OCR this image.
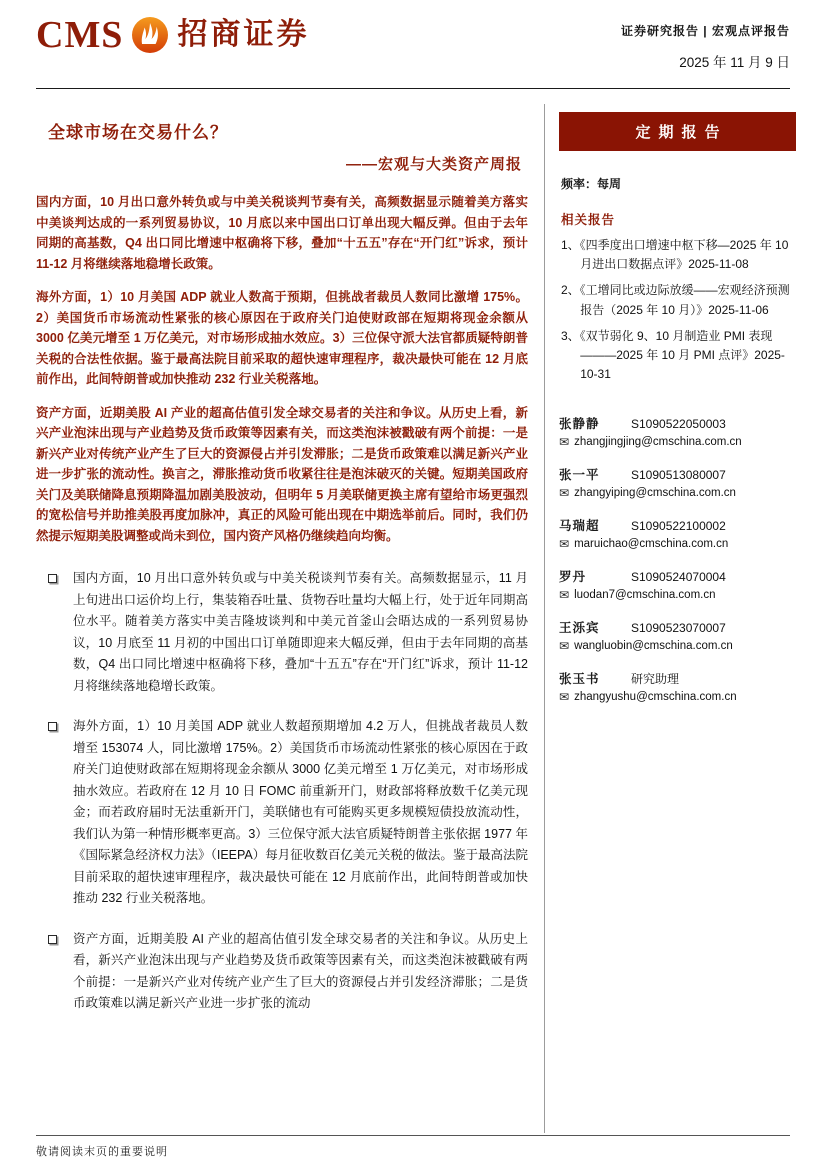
CMS 招商证券	证券研究报告 | 宏观点评报告
2025 年 11 月 9 日
全球市场在交易什么？
——宏观与大类资产周报

国内方面，10 月出口意外转负或与中美关税谈判节奏有关，高频数据显示随着美方落实中美谈判达成的一系列贸易协议，10 月底以来中国出口订单出现大幅反弹。但由于去年同期的高基数，Q4 出口同比增速中枢确将下移，叠加“十五五”存在“开门红”诉求，预计 11-12 月将继续落地稳增长政策。

海外方面，1）10 月美国 ADP 就业人数高于预期，但挑战者裁员人数同比激增 175%。2）美国货币市场流动性紧张的核心原因在于政府关门迫使财政部在短期将现金余额从 3000 亿美元增至 1 万亿美元，对市场形成抽水效应。3）三位保守派大法官都质疑特朗普关税的合法性依据。鉴于最高法院目前采取的超快速审理程序，裁决最快可能在 12 月底前作出，此间特朗普或加快推动 232 行业关税落地。

资产方面，近期美股 AI 产业的超高估值引发全球交易者的关注和争议。从历史上看，新兴产业泡沫出现与产业趋势及货币政策等因素有关，而这类泡沫被戳破有两个前提：一是新兴产业对传统产业产生了巨大的资源侵占并引发滞胀；二是货币政策难以满足新兴产业进一步扩张的流动性。换言之，滞胀推动货币收紧往往是泡沫破灭的关键。短期美国政府关门及美联储降息预期降温加剧美股波动，但明年 5 月美联储更换主席有望给市场更强烈的宽松信号并助推美股再度加脉冲，真正的风险可能出现在中期选举前后。同时，我们仍然提示短期美股调整或尚未到位，国内资产风格仍继续趋向均衡。

国内方面，10 月出口意外转负或与中美关税谈判节奏有关。高频数据显示，11 月上旬进出口运价均上行，集装箱吞吐量、货物吞吐量均大幅上行，处于近年同期高位水平。随着美方落实中美吉隆坡谈判和中美元首釜山会晤达成的一系列贸易协议，10 月底至 11 月初的中国出口订单随即迎来大幅反弹，但由于去年同期的高基数，Q4 出口同比增速中枢确将下移，叠加“十五五”存在“开门红”诉求，预计 11-12 月将继续落地稳增长政策。

海外方面，1）10 月美国 ADP 就业人数超预期增加 4.2 万人，但挑战者裁员人数增至 153074 人，同比激增 175%。2）美国货币市场流动性紧张的核心原因在于政府关门迫使财政部在短期将现金余额从 3000 亿美元增至 1 万亿美元，对市场形成抽水效应。若政府在 12 月 10 日 FOMC 前重新开门，财政部将释放数千亿美元现金；而若政府届时无法重新开门，美联储也有可能购买更多规模短债投放流动性，我们认为第一种情形概率更高。3）三位保守派大法官质疑特朗普主张依据 1977 年《国际紧急经济权力法》（IEEPA）每月征收数百亿美元关税的做法。鉴于最高法院目前采取的超快速审理程序，裁决最快可能在 12 月底前作出，此间特朗普或加快推动 232 行业关税落地。

资产方面，近期美股 AI 产业的超高估值引发全球交易者的关注和争议。从历史上看，新兴产业泡沫出现与产业趋势及货币政策等因素有关，而这类泡沫被戳破有两个前提：一是新兴产业对传统产业产生了巨大的资源侵占并引发经济滞胀；二是货币政策难以满足新兴产业进一步扩张的流动

定期报告
频率：每周
相关报告
1、《四季度出口增速中枢下移—2025 年 10 月进出口数据点评》2025-11-08
2、《工增同比或边际放缓——宏观经济预测报告（2025 年 10 月）》2025-11-06
3、《双节弱化 9、10 月制造业 PMI 表现———2025 年 10 月 PMI 点评》2025-10-31
张静静	S1090522050003
✉ zhangjingjing@cmschina.com.cn
张一平	S1090513080007
✉ zhangyiping@cmschina.com.cn
马瑞超	S1090522100002
✉ maruichao@cmschina.com.cn
罗丹	S1090524070004
✉ luodan7@cmschina.com.cn
王泺宾	S1090523070007
✉ wangluobin@cmschina.com.cn
张玉书	研究助理
✉ zhangyushu@cmschina.com.cn
敬请阅读末页的重要说明
